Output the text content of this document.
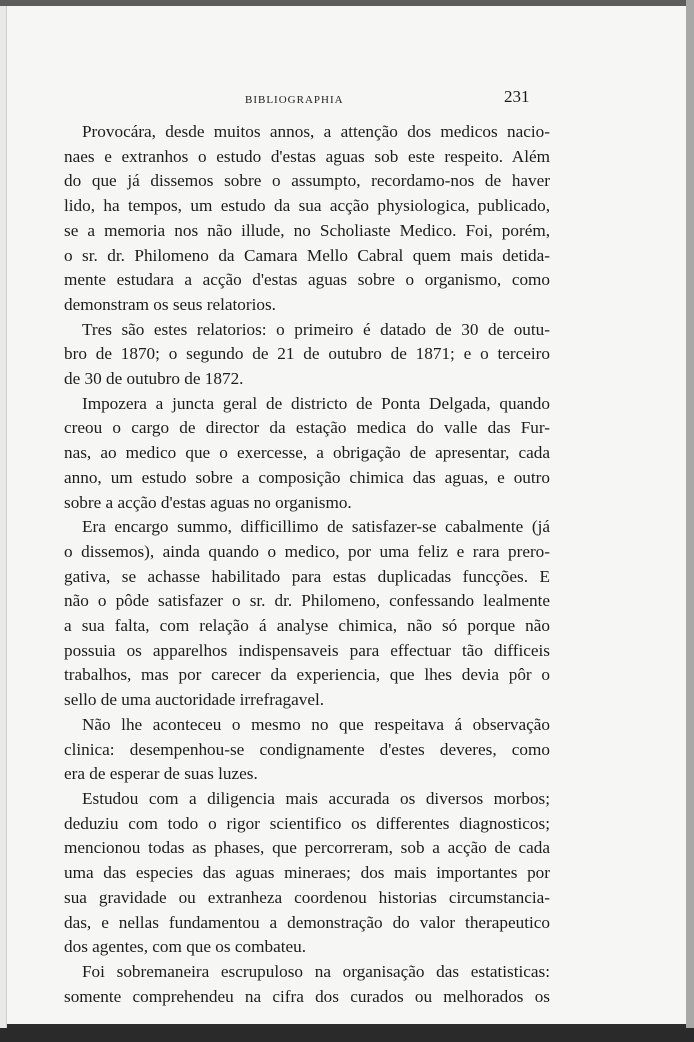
BIBLIOGRAPHIA	231

Provocára, desde muitos annos, a attenção dos medicos nacio-
naes e extranhos o estudo d'estas aguas sob este respeito. Além
do que já dissemos sobre o assumpto, recordamo-nos de haver
lido, ha tempos, um estudo da sua acção physiologica, publicado,
se a memoria nos não illude, no Scholiaste Medico. Foi, porém,
o sr. dr. Philomeno da Camara Mello Cabral quem mais detida-
mente estudara a acção d'estas aguas sobre o organismo, como
demonstram os seus relatorios.

Tres são estes relatorios: o primeiro é datado de 30 de outu-
bro de 1870; o segundo de 21 de outubro de 1871; e o terceiro
de 30 de outubro de 1872.

Impozera a juncta geral de districto de Ponta Delgada, quando
creou o cargo de director da estação medica do valle das Fur-
nas, ao medico que o exercesse, a obrigação de apresentar, cada
anno, um estudo sobre a composição chimica das aguas, e outro
sobre a acção d'estas aguas no organismo.

Era encargo summo, difficillimo de satisfazer-se cabalmente (já
o dissemos), ainda quando o medico, por uma feliz e rara prero-
gativa, se achasse habilitado para estas duplicadas funcções. E
não o pôde satisfazer o sr. dr. Philomeno, confessando lealmente
a sua falta, com relação á analyse chimica, não só porque não
possuia os apparelhos indispensaveis para effectuar tão difficeis
trabalhos, mas por carecer da experiencia, que lhes devia pôr o
sello de uma auctoridade irrefragavel.

Não lhe aconteceu o mesmo no que respeitava á observação
clinica: desempenhou-se condignamente d'estes deveres, como
era de esperar de suas luzes.

Estudou com a diligencia mais accurada os diversos morbos;
deduziu com todo o rigor scientifico os differentes diagnosticos;
mencionou todas as phases, que percorreram, sob a acção de cada
uma das especies das aguas mineraes; dos mais importantes por
sua gravidade ou extranheza coordenou historias circumstancia-
das, e nellas fundamentou a demonstração do valor therapeutico
dos agentes, com que os combateu.

Foi sobremaneira escrupuloso na organisação das estatisticas:
somente comprehendeu na cifra dos curados ou melhorados os
